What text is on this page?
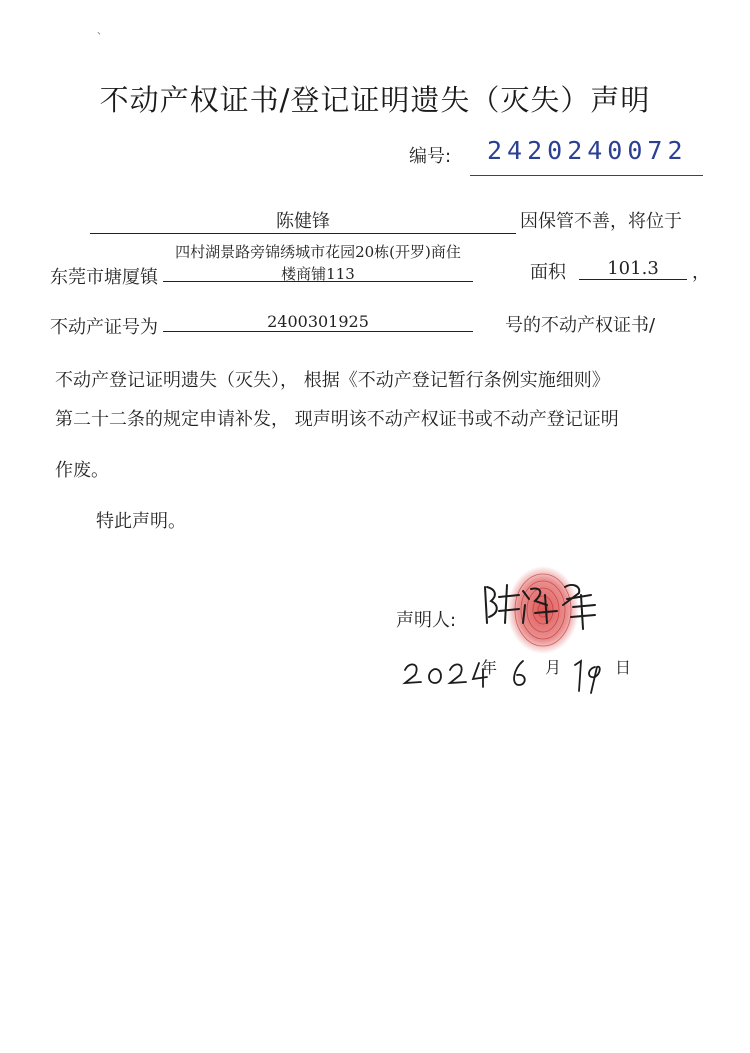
、
不动产权证书/登记证明遗失（灭失）声明
编号: 2420240072
陈健锋	因保管不善，将位于
四村湖景路旁锦绣城市花园20栋(开罗)商住
东莞市塘厦镇	楼商铺113	面积	101.3	，
不动产证号为	2400301925	号的不动产权证书/
不动产登记证明遗失（灭失）， 根据《不动产登记暂行条例实施细则》
第二十二条的规定申请补发， 现声明该不动产权证书或不动产登记证明
作废。
特此声明。
声明人:
年	月	日
